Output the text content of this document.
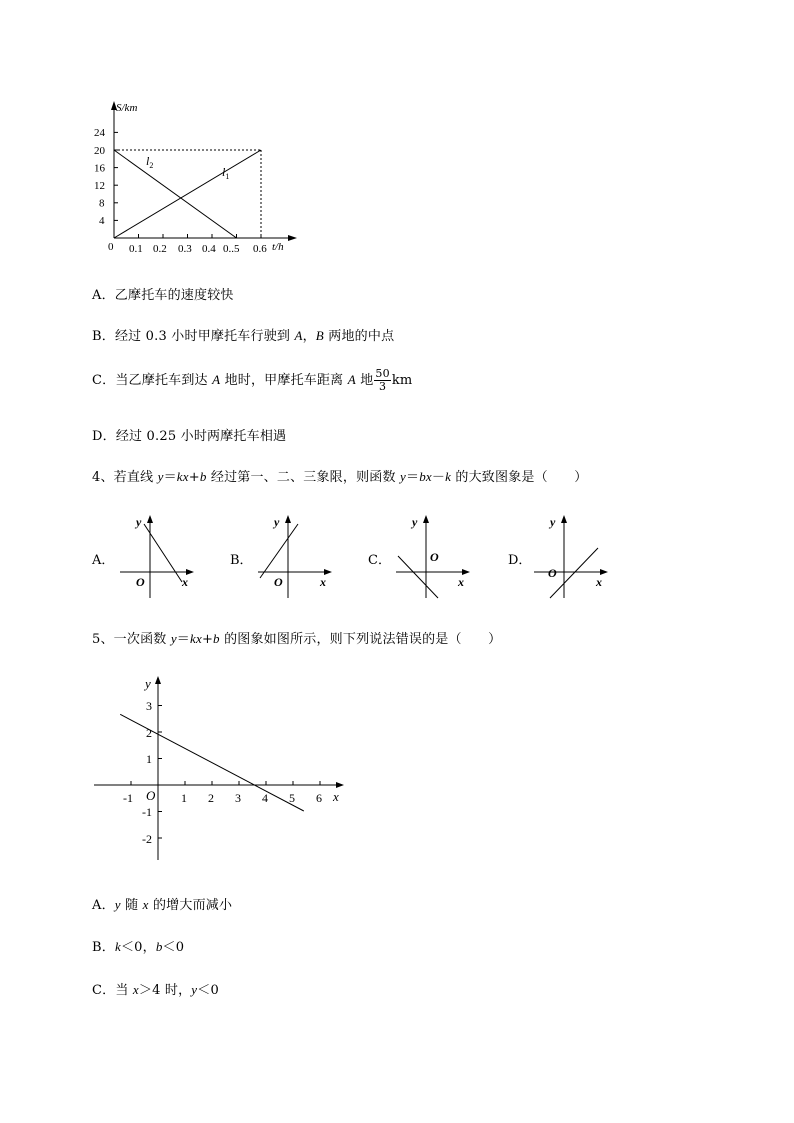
S/km
t/h
24
20
16
12
8
4
0 0.1 0.2 0.3 0.4 0..5 0.6
$l_2$	$l_1$
A．乙摩托车的速度较快
B．经过 0.3 小时甲摩托车行驶到 A，B 两地的中点
C．当乙摩托车到达 A 地时，甲摩托车距离 A 地 $\frac{50}{3}$ km
D．经过 0.25 小时两摩托车相遇
4、若直线 y＝kx+b 经过第一、二、三象限，则函数 y＝bx－k 的大致图象是（　　）
A．
y
x
O
B．
y
x
O
C．
y
x
O	D．
y
x
O
5、一次函数 y＝kx+b 的图象如图所示，则下列说法错误的是（　　）
y
x
O
-1	1 2 3 4 5 6
3
2
1
-1
-2
A．y 随 x 的增大而减小
B．k＜0，b＜0
C．当 x＞4 时，y＜0
